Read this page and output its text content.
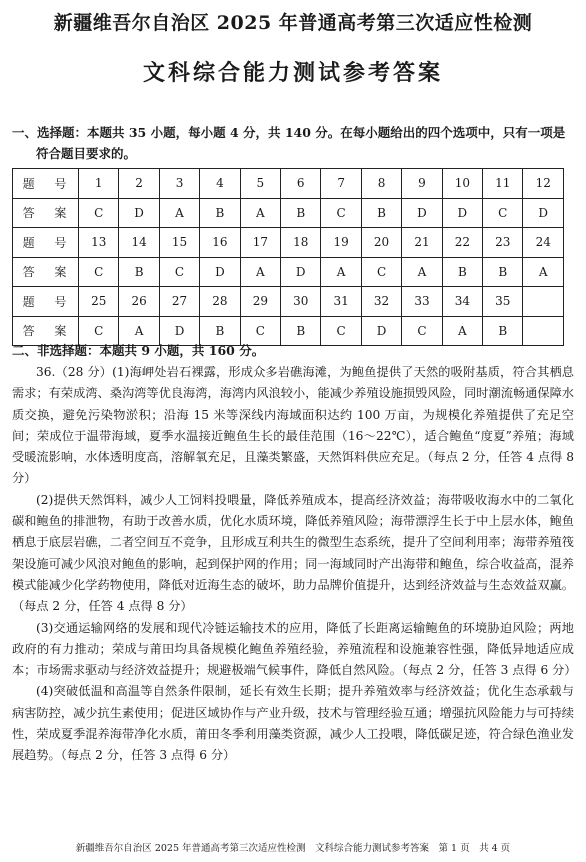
新疆维吾尔自治区 2025 年普通高考第三次适应性检测
文科综合能力测试参考答案
一、选择题：本题共 35 小题，每小题 4 分，共 140 分。在每小题给出的四个选项中，只有一项是
符合题目要求的。
题 号	1	2	3	4	5	6	7	8	9	10	11	12
答 案	C	D	A	B	A	B	C	B	D	D	C	D
题 号	13	14	15	16	17	18	19	20	21	22	23	24
答 案	C	B	C	D	A	D	A	C	A	B	B	A
题 号	25	26	27	28	29	30	31	32	33	34	35	
答 案	C	A	D	B	C	B	C	D	C	A	B	
二、非选择题：本题共 9 小题，共 160 分。

36.（28 分）(1)海岬处岩石裸露，形成众多岩礁海滩，为鲍鱼提供了天然的吸附基质，符合其栖息需求；有荣成湾、桑沟湾等优良海湾，海湾内风浪较小，能减少养殖设施损毁风险，同时潮流畅通保障水质交换，避免污染物淤积；沿海 15 米等深线内海域面积达约 100 万亩，为规模化养殖提供了充足空间；荣成位于温带海域，夏季水温接近鲍鱼生长的最佳范围（16～22℃），适合鲍鱼“度夏”养殖；海域受暖流影响，水体透明度高，溶解氧充足，且藻类繁盛，天然饵料供应充足。（每点 2 分，任答 4 点得 8 分）

(2)提供天然饵料，减少人工饲料投喂量，降低养殖成本，提高经济效益；海带吸收海水中的二氧化碳和鲍鱼的排泄物，有助于改善水质，优化水质环境，降低养殖风险；海带漂浮生长于中上层水体，鲍鱼栖息于底层岩礁，二者空间互不竞争，且形成互利共生的微型生态系统，提升了空间利用率；海带养殖筏架设施可减少风浪对鲍鱼的影响，起到保护网的作用；同一海域同时产出海带和鲍鱼，综合收益高，混养模式能减少化学药物使用，降低对近海生态的破坏，助力品牌价值提升，达到经济效益与生态效益双赢。（每点 2 分，任答 4 点得 8 分）

(3)交通运输网络的发展和现代冷链运输技术的应用，降低了长距离运输鲍鱼的环境胁迫风险；两地政府的有力推动；荣成与莆田均具备规模化鲍鱼养殖经验，养殖流程和设施兼容性强，降低异地适应成本；市场需求驱动与经济效益提升；规避极端气候事件，降低自然风险。（每点 2 分，任答 3 点得 6 分）

(4)突破低温和高温等自然条件限制，延长有效生长期；提升养殖效率与经济效益；优化生态承载与病害防控，减少抗生素使用；促进区域协作与产业升级，技术与管理经验互通；增强抗风险能力与可持续性，荣成夏季混养海带净化水质，莆田冬季利用藻类资源，减少人工投喂，降低碳足迹，符合绿色渔业发展趋势。（每点 2 分，任答 3 点得 6 分）

新疆维吾尔自治区 2025 年普通高考第三次适应性检测　文科综合能力测试参考答案　第 1 页　共 4 页
